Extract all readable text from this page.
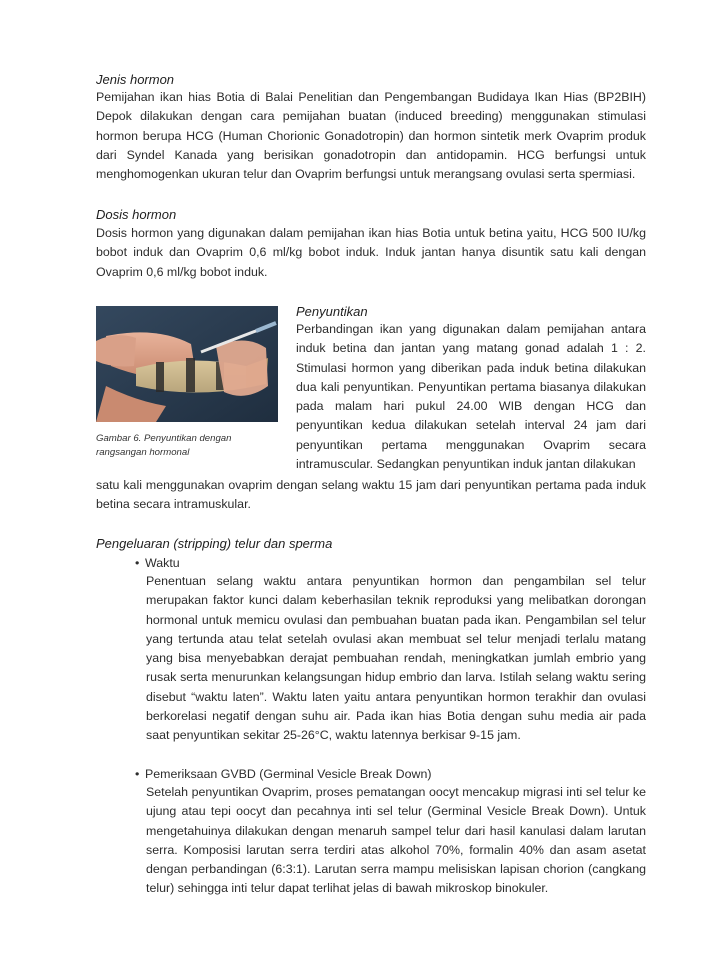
Jenis hormon

Pemijahan ikan hias Botia di Balai Penelitian dan Pengembangan Budidaya Ikan Hias (BP2BIH) Depok dilakukan dengan cara pemijahan buatan (induced breeding) menggunakan stimulasi hormon berupa HCG (Human Chorionic Gonadotropin) dan hormon sintetik merk Ovaprim produk dari Syndel Kanada yang berisikan gonadotropin dan antidopamin. HCG berfungsi untuk menghomogenkan ukuran telur dan Ovaprim berfungsi untuk merangsang ovulasi serta spermiasi.

Dosis hormon

Dosis hormon yang digunakan dalam pemijahan ikan hias Botia untuk betina yaitu, HCG 500 IU/kg bobot induk dan Ovaprim 0,6 ml/kg bobot induk. Induk jantan hanya disuntik satu kali dengan Ovaprim 0,6 ml/kg bobot induk.

Gambar 6. Penyuntikan dengan rangsangan hormonal

Penyuntikan

Perbandingan ikan yang digunakan dalam pemijahan antara induk betina dan jantan yang matang gonad adalah 1 : 2. Stimulasi hormon yang diberikan pada induk betina dilakukan dua kali penyuntikan. Penyuntikan pertama biasanya dilakukan pada malam hari pukul 24.00 WIB dengan HCG dan penyuntikan kedua dilakukan setelah interval 24 jam dari penyuntikan pertama menggunakan Ovaprim secara intramuscular. Sedangkan penyuntikan induk jantan dilakukan

satu kali menggunakan ovaprim dengan selang waktu 15 jam dari penyuntikan pertama pada induk betina secara intramuskular.

Pengeluaran (stripping) telur dan sperma

• Waktu

Penentuan selang waktu antara penyuntikan hormon dan pengambilan sel telur merupakan faktor kunci dalam keberhasilan teknik reproduksi yang melibatkan dorongan hormonal untuk memicu ovulasi dan pembuahan buatan pada ikan. Pengambilan sel telur yang tertunda atau telat setelah ovulasi akan membuat sel telur menjadi terlalu matang yang bisa menyebabkan derajat pembuahan rendah, meningkatkan jumlah embrio yang rusak serta menurunkan kelangsungan hidup embrio dan larva. Istilah selang waktu sering disebut “waktu laten”. Waktu laten yaitu antara penyuntikan hormon terakhir dan ovulasi berkorelasi negatif dengan suhu air. Pada ikan hias Botia dengan suhu media air pada saat penyuntikan sekitar 25-26°C, waktu latennya berkisar 9-15 jam.

• Pemeriksaan GVBD (Germinal Vesicle Break Down)

Setelah penyuntikan Ovaprim, proses pematangan oocyt mencakup migrasi inti sel telur ke ujung atau tepi oocyt dan pecahnya inti sel telur (Germinal Vesicle Break Down). Untuk mengetahuinya dilakukan dengan menaruh sampel telur dari hasil kanulasi dalam larutan serra. Komposisi larutan serra terdiri atas alkohol 70%, formalin 40% dan asam asetat dengan perbandingan (6:3:1). Larutan serra mampu melisiskan lapisan chorion (cangkang telur) sehingga inti telur dapat terlihat jelas di bawah mikroskop binokuler.
